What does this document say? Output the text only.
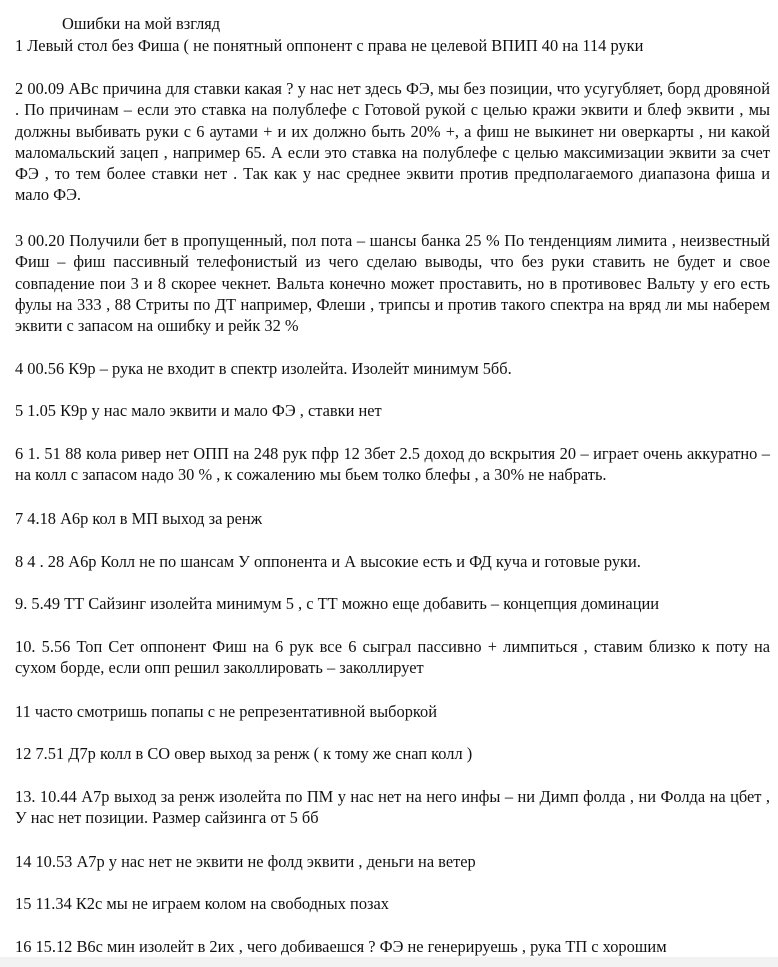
Ошибки на мой взгляд
1 Левый стол без Фиша ( не понятный оппонент с права не целевой ВПИП 40 на 114 руки
2 00.09 АВс причина для ставки какая ? у нас нет здесь ФЭ, мы без позиции, что усугубляет, борд дровяной . По причинам – если это ставка на полублефе с Готовой рукой с целью кражи эквити и блеф эквити , мы должны выбивать руки с 6 аутами + и их должно быть 20% +, а фиш не выкинет ни оверкарты , ни какой маломальский зацеп , например 65. А если это ставка на полублефе с целью максимизации эквити за счет ФЭ , то тем более ставки нет . Так как у нас среднее эквити против предполагаемого диапазона фиша и мало ФЭ.
3 00.20 Получили бет в пропущенный, пол пота – шансы банка 25 % По тенденциям лимита , неизвестный Фиш – фиш пассивный телефонистый из чего сделаю выводы, что без руки ставить не будет и свое совпадение пои 3 и 8 скорее чекнет. Вальта конечно может проставить, но в противовес Вальту у его есть фулы на 333 , 88 Стриты по ДТ например, Флеши , трипсы и против такого спектра на вряд ли мы наберем эквити с запасом на ошибку и рейк 32 %
4 00.56 К9р – рука не входит в спектр изолейта. Изолейт минимум 5бб.
5 1.05 К9р у нас мало эквити и мало ФЭ , ставки нет
6 1. 51 88 кола ривер нет ОПП на 248 рук пфр 12 3бет 2.5 доход до вскрытия 20 – играет очень аккуратно – на колл с запасом надо 30 % , к сожалению мы бьем толко блефы , а 30% не набрать.
7 4.18 А6р кол в МП выход за ренж
8 4 . 28 А6р Колл не по шансам У оппонента и А высокие есть и ФД куча и готовые руки.
9. 5.49 ТТ Сайзинг изолейта минимум 5 , с ТТ можно еще добавить – концепция доминации
10. 5.56 Топ Сет оппонент Фиш на 6 рук все 6 сыграл пассивно + лимпиться , ставим близко к поту на сухом борде, если опп решил заколлировать – заколлирует
11 часто смотришь попапы с не репрезентативной выборкой
12 7.51 Д7р колл в СО овер выход за ренж ( к тому же снап колл )
13. 10.44 А7р выход за ренж изолейта по ПМ у нас нет на него инфы – ни Димп фолда , ни Фолда на цбет , У нас нет позиции. Размер сайзинга от 5 бб
14 10.53 А7р у нас нет не эквити не фолд эквити , деньги на ветер
15 11.34 К2с мы не играем колом на свободных позах
16 15.12 В6с мин изолейт в 2их , чего добиваешся ? ФЭ не генерируешь , рука ТП с хорошим
